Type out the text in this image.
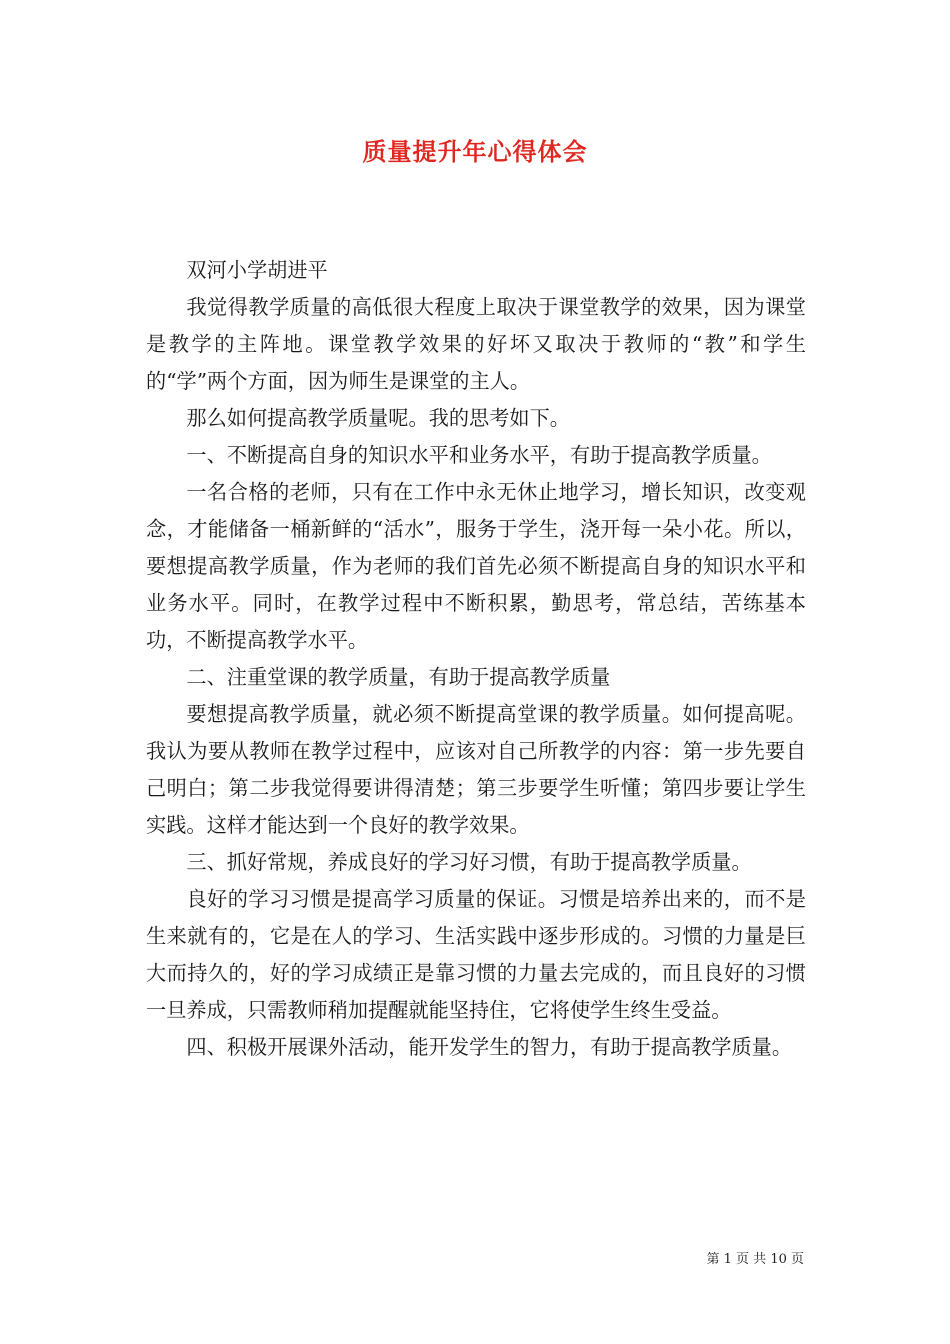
质量提升年心得体会

双河小学胡进平

我觉得教学质量的高低很大程度上取决于课堂教学的效果，因为课堂是教学的主阵地。课堂教学效果的好坏又取决于教师的“教”和学生的“学”两个方面，因为师生是课堂的主人。

那么如何提高教学质量呢。我的思考如下。

一、不断提高自身的知识水平和业务水平，有助于提高教学质量。

一名合格的老师，只有在工作中永无休止地学习，增长知识，改变观念，才能储备一桶新鲜的“活水”，服务于学生，浇开每一朵小花。所以，要想提高教学质量，作为老师的我们首先必须不断提高自身的知识水平和业务水平。同时，在教学过程中不断积累，勤思考，常总结，苦练基本功，不断提高教学水平。

二、注重堂课的教学质量，有助于提高教学质量

要想提高教学质量，就必须不断提高堂课的教学质量。如何提高呢。我认为要从教师在教学过程中，应该对自己所教学的内容：第一步先要自己明白；第二步我觉得要讲得清楚；第三步要学生听懂；第四步要让学生实践。这样才能达到一个良好的教学效果。

三、抓好常规，养成良好的学习好习惯，有助于提高教学质量。

良好的学习习惯是提高学习质量的保证。习惯是培养出来的，而不是生来就有的，它是在人的学习、生活实践中逐步形成的。习惯的力量是巨大而持久的，好的学习成绩正是靠习惯的力量去完成的，而且良好的习惯一旦养成，只需教师稍加提醒就能坚持住，它将使学生终生受益。

四、积极开展课外活动，能开发学生的智力，有助于提高教学质量。

第 1 页 共 10 页
